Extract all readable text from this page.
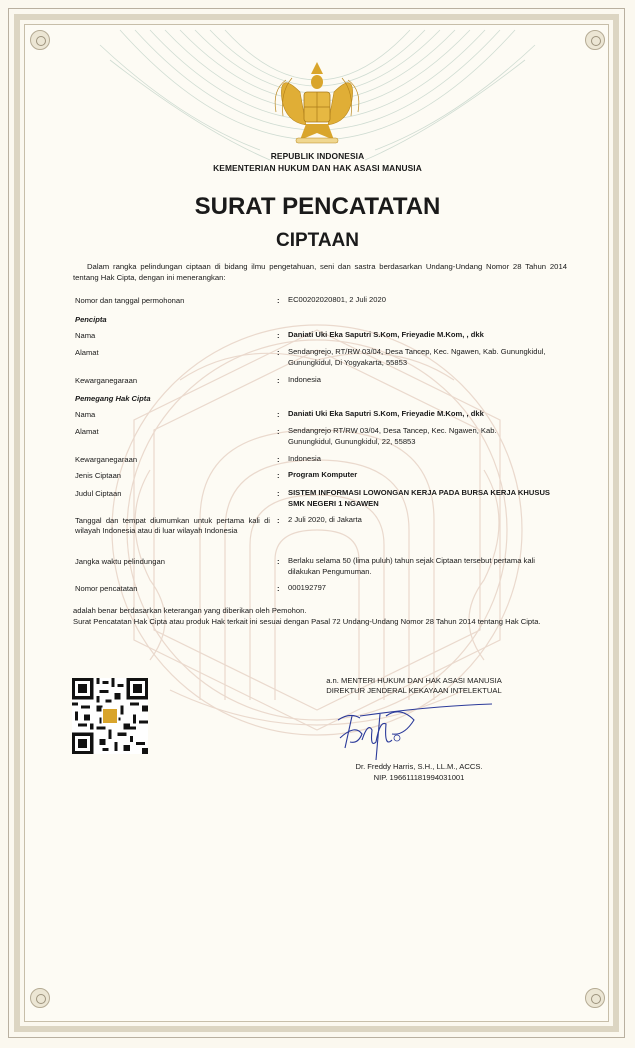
REPUBLIK INDONESIA
KEMENTERIAN HUKUM DAN HAK ASASI MANUSIA
SURAT PENCATATAN
CIPTAAN
Dalam rangka pelindungan ciptaan di bidang ilmu pengetahuan, seni dan sastra berdasarkan Undang-Undang Nomor 28 Tahun 2014 tentang Hak Cipta, dengan ini menerangkan:
Nomor dan tanggal permohonan	: EC00202020801, 2 Juli 2020
Pencipta
Nama	: Daniati Uki Eka Saputri S.Kom, Frieyadie M.Kom, , dkk
Alamat	: Sendangrejo, RT/RW 03/04, Desa Tancep, Kec. Ngawen, Kab. Gunungkidul, Gunungkidul, Di Yogyakarta, 55853
Kewarganegaraan	: Indonesia
Pemegang Hak Cipta
Nama	: Daniati Uki Eka Saputri S.Kom, Frieyadie M.Kom, , dkk
Alamat	: Sendangrejo RT/RW 03/04, Desa Tancep, Kec. Ngawen, Kab. Gunungkidul, Gunungkidul, 22, 55853
Kewarganegaraan	: Indonesia
Jenis Ciptaan	: Program Komputer
Judul Ciptaan	: SISTEM INFORMASI LOWONGAN KERJA PADA BURSA KERJA KHUSUS SMK NEGERI 1 NGAWEN
Tanggal dan tempat diumumkan untuk pertama kali di wilayah Indonesia atau di luar wilayah Indonesia
: 2 Juli 2020, di Jakarta
Jangka waktu pelindungan	: Berlaku selama 50 (lima puluh) tahun sejak Ciptaan tersebut pertama kali dilakukan Pengumuman.
Nomor pencatatan	: 000192797
adalah benar berdasarkan keterangan yang diberikan oleh Pemohon.
Surat Pencatatan Hak Cipta atau produk Hak terkait ini sesuai dengan Pasal 72 Undang-Undang Nomor 28 Tahun 2014 tentang Hak Cipta.
a.n. MENTERI HUKUM DAN HAK ASASI MANUSIA
DIREKTUR JENDERAL KEKAYAAN INTELEKTUAL
Dr. Freddy Harris, S.H., LL.M., ACCS.
NIP. 196611181994031001
